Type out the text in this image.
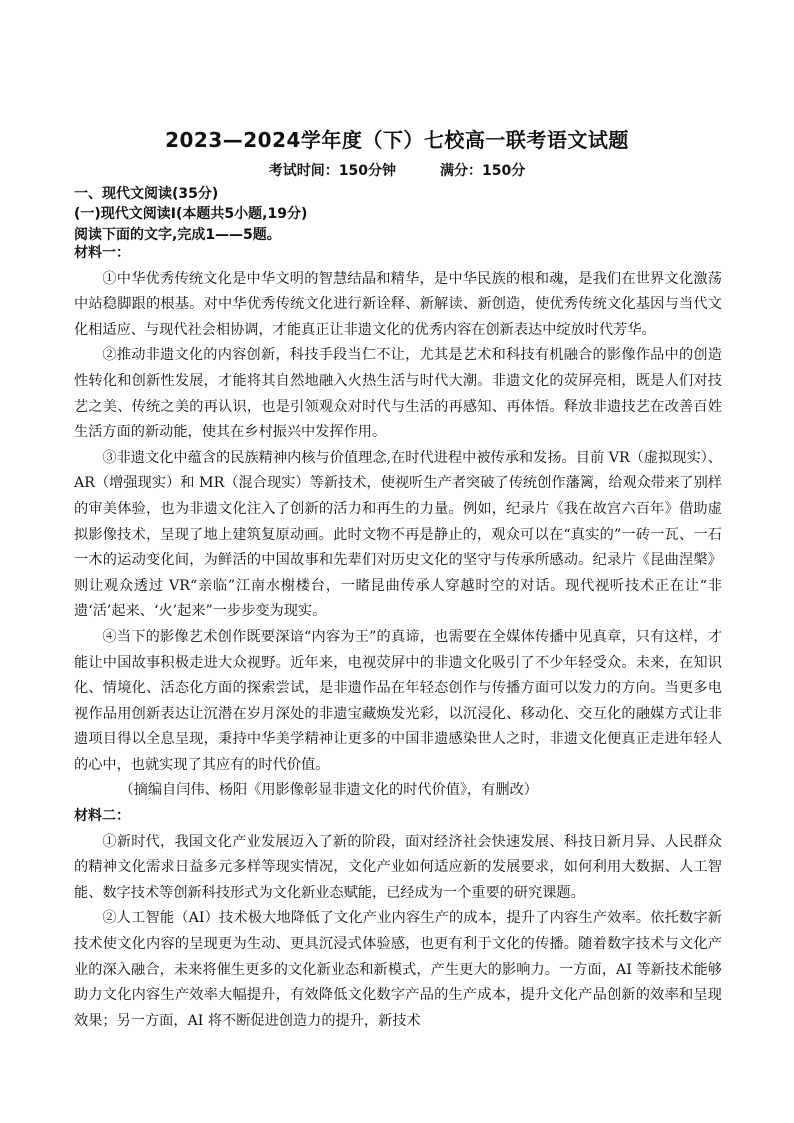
2023—2024学年度（下）七校高一联考语文试题
考试时间：150分钟	满分：150分
一、现代文阅读(35分)
(一)现代文阅读Ⅰ(本题共5小题,19分)
阅读下面的文字,完成1——5题。

材料一：

①中华优秀传统文化是中华文明的智慧结晶和精华，是中华民族的根和魂，是我们在世界文化激荡中站稳脚跟的根基。对中华优秀传统文化进行新诠释、新解读、新创造，使优秀传统文化基因与当代文化相适应、与现代社会相协调，才能真正让非遗文化的优秀内容在创新表达中绽放时代芳华。

②推动非遗文化的内容创新，科技手段当仁不让，尤其是艺术和科技有机融合的影像作品中的创造性转化和创新性发展，才能将其自然地融入火热生活与时代大潮。非遗文化的荧屏亮相，既是人们对技艺之美、传统之美的再认识，也是引领观众对时代与生活的再感知、再体悟。释放非遗技艺在改善百姓生活方面的新动能，使其在乡村振兴中发挥作用。

③非遗文化中蕴含的民族精神内核与价值理念,在时代进程中被传承和发扬。目前 VR（虚拟现实）、AR（增强现实）和 MR（混合现实）等新技术，使视听生产者突破了传统创作藩篱，给观众带来了别样的审美体验，也为非遗文化注入了创新的活力和再生的力量。例如，纪录片《我在故宫六百年》借助虚拟影像技术，呈现了地上建筑复原动画。此时文物不再是静止的，观众可以在“真实的”一砖一瓦、一石一木的运动变化间，为鲜活的中国故事和先辈们对历史文化的坚守与传承所感动。纪录片《昆曲涅槃》则让观众透过 VR“亲临”江南水榭楼台，一睹昆曲传承人穿越时空的对话。现代视听技术正在让“非遗‘活’起来、‘火’起来”一步步变为现实。

④当下的影像艺术创作既要深谙“内容为王”的真谛，也需要在全媒体传播中见真章，只有这样，才能让中国故事积极走进大众视野。近年来，电视荧屏中的非遗文化吸引了不少年轻受众。未来，在知识化、情境化、活态化方面的探索尝试，是非遗作品在年轻态创作与传播方面可以发力的方向。当更多电视作品用创新表达让沉潜在岁月深处的非遗宝藏焕发光彩，以沉浸化、移动化、交互化的融媒方式让非遗项目得以全息呈现，秉持中华美学精神让更多的中国非遗感染世人之时，非遗文化便真正走进年轻人的心中，也就实现了其应有的时代价值。

（摘编自闫伟、杨阳《用影像彰显非遗文化的时代价值》，有删改）

材料二：

①新时代，我国文化产业发展迈入了新的阶段，面对经济社会快速发展、科技日新月异、人民群众的精神文化需求日益多元多样等现实情况，文化产业如何适应新的发展要求，如何利用大数据、人工智能、数字技术等创新科技形式为文化新业态赋能，已经成为一个重要的研究课题。

②人工智能（AI）技术极大地降低了文化产业内容生产的成本，提升了内容生产效率。依托数字新技术使文化内容的呈现更为生动、更具沉浸式体验感，也更有利于文化的传播。随着数字技术与文化产业的深入融合，未来将催生更多的文化新业态和新模式，产生更大的影响力。一方面，AI 等新技术能够助力文化内容生产效率大幅提升，有效降低文化数字产品的生产成本，提升文化产品创新的效率和呈现效果；另一方面，AI 将不断促进创造力的提升，新技术
